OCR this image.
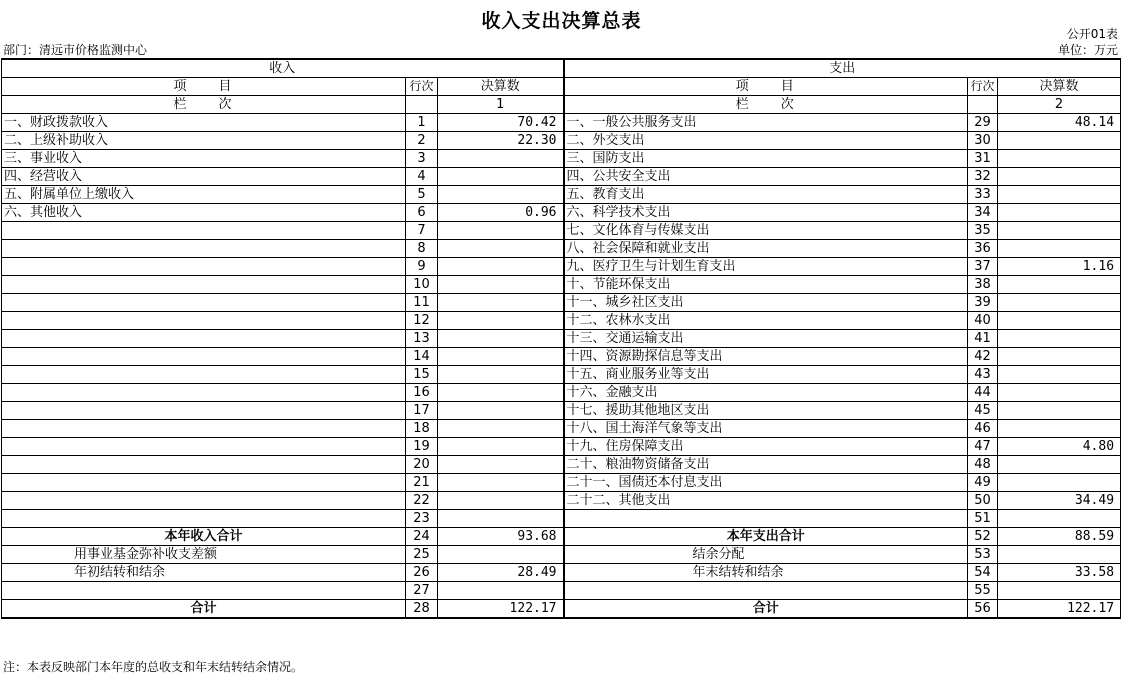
收入支出决算总表
公开01表
部门：清远市价格监测中心	单位：万元
收入			支出		
项　　目	行次	决算数	项　　目	行次	决算数
栏　　次		1	栏　　次		2
一、财政拨款收入	1	70.42	一、一般公共服务支出	29	48.14
二、上级补助收入	2	22.30	二、外交支出	30	
三、事业收入	3		三、国防支出	31	
四、经营收入	4		四、公共安全支出	32	
五、附属单位上缴收入	5		五、教育支出	33	
六、其他收入	6	0.96	六、科学技术支出	34	
	7		七、文化体育与传媒支出	35	
	8		八、社会保障和就业支出	36	
	9		九、医疗卫生与计划生育支出	37	1.16
	10		十、节能环保支出	38	
	11		十一、城乡社区支出	39	
	12		十二、农林水支出	40	
	13		十三、交通运输支出	41	
	14		十四、资源勘探信息等支出	42	
	15		十五、商业服务业等支出	43	
	16		十六、金融支出	44	
	17		十七、援助其他地区支出	45	
	18		十八、国土海洋气象等支出	46	
	19		十九、住房保障支出	47	4.80
	20		二十、粮油物资储备支出	48	
	21		二十一、国债还本付息支出	49	
	22		二十二、其他支出	50	34.49
	23			51	
本年收入合计	24	93.68	本年支出合计	52	88.59
用事业基金弥补收支差额	25		结余分配	53	
年初结转和结余	26	28.49	年末结转和结余	54	33.58
	27			55	
合计	28	122.17	合计	56	122.17
注：本表反映部门本年度的总收支和年末结转结余情况。
